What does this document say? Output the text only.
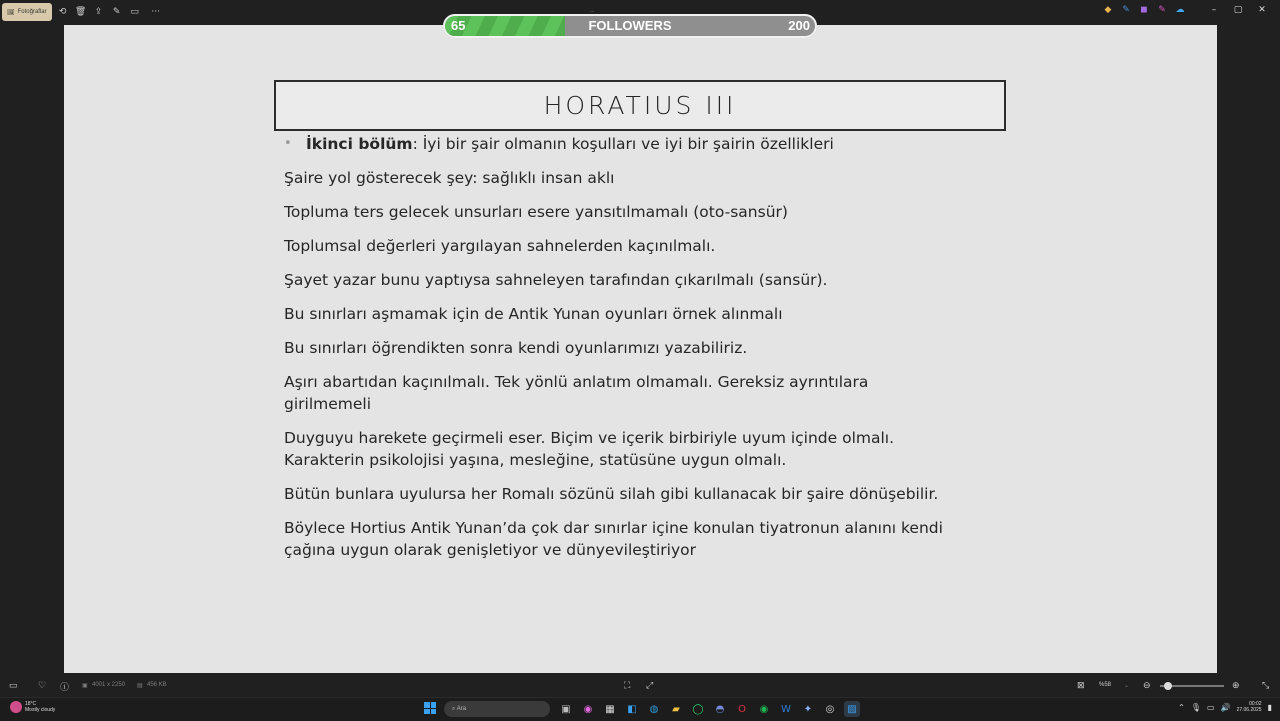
🖼 Fotoğraflar	⟲ 🗑 ⇪	✎	▭	···	...	◆ ✎ ◼ ✎ ☁	–	▢	✕
HORATIUS III
• İkinci bölüm: İyi bir şair olmanın koşulları ve iyi bir şairin özellikleri

Şaire yol gösterecek şey: sağlıklı insan aklı

Topluma ters gelecek unsurları esere yansıtılmamalı (oto-sansür)

Toplumsal değerleri yargılayan sahnelerden kaçınılmalı.

Şayet yazar bunu yaptıysa sahneleyen tarafından çıkarılmalı (sansür).

Bu sınırları aşmamak için de Antik Yunan oyunları örnek alınmalı

Bu sınırları öğrendikten sonra kendi oyunlarımızı yazabiliriz.

Aşırı abartıdan kaçınılmalı. Tek yönlü anlatım olmamalı. Gereksiz ayrıntılara girilmemeli

Duyguyu harekete geçirmeli eser. Biçim ve içerik birbiriyle uyum içinde olmalı. Karakterin psikolojisi yaşına, mesleğine, statüsüne uygun olmalı.

Bütün bunlara uyulursa her Romalı sözünü silah gibi kullanacak bir şaire dönüşebilir.

Böylece Hortius Antik Yunan’da çok dar sınırlar içine konulan tiyatronun alanını kendi çağına uygun olarak genişletiyor ve dünyevileştiriyor

65	FOLLOWERS	200
▭ ♡ ⓘ ▣ 4001 x 2250 ▤ 456 KB	⛶ ⤢	⊠ %58 ⌄ ⊖	⊕ ⤡
18°C
Mostly cloudy	⌕ Ara	▣	◉	▦	◧	◍	▰	◯	◓	O	◉	W	✦	◎	▨	⌃ 🎙 ▭ 🔊	00:02
27.06.2025 ▮
